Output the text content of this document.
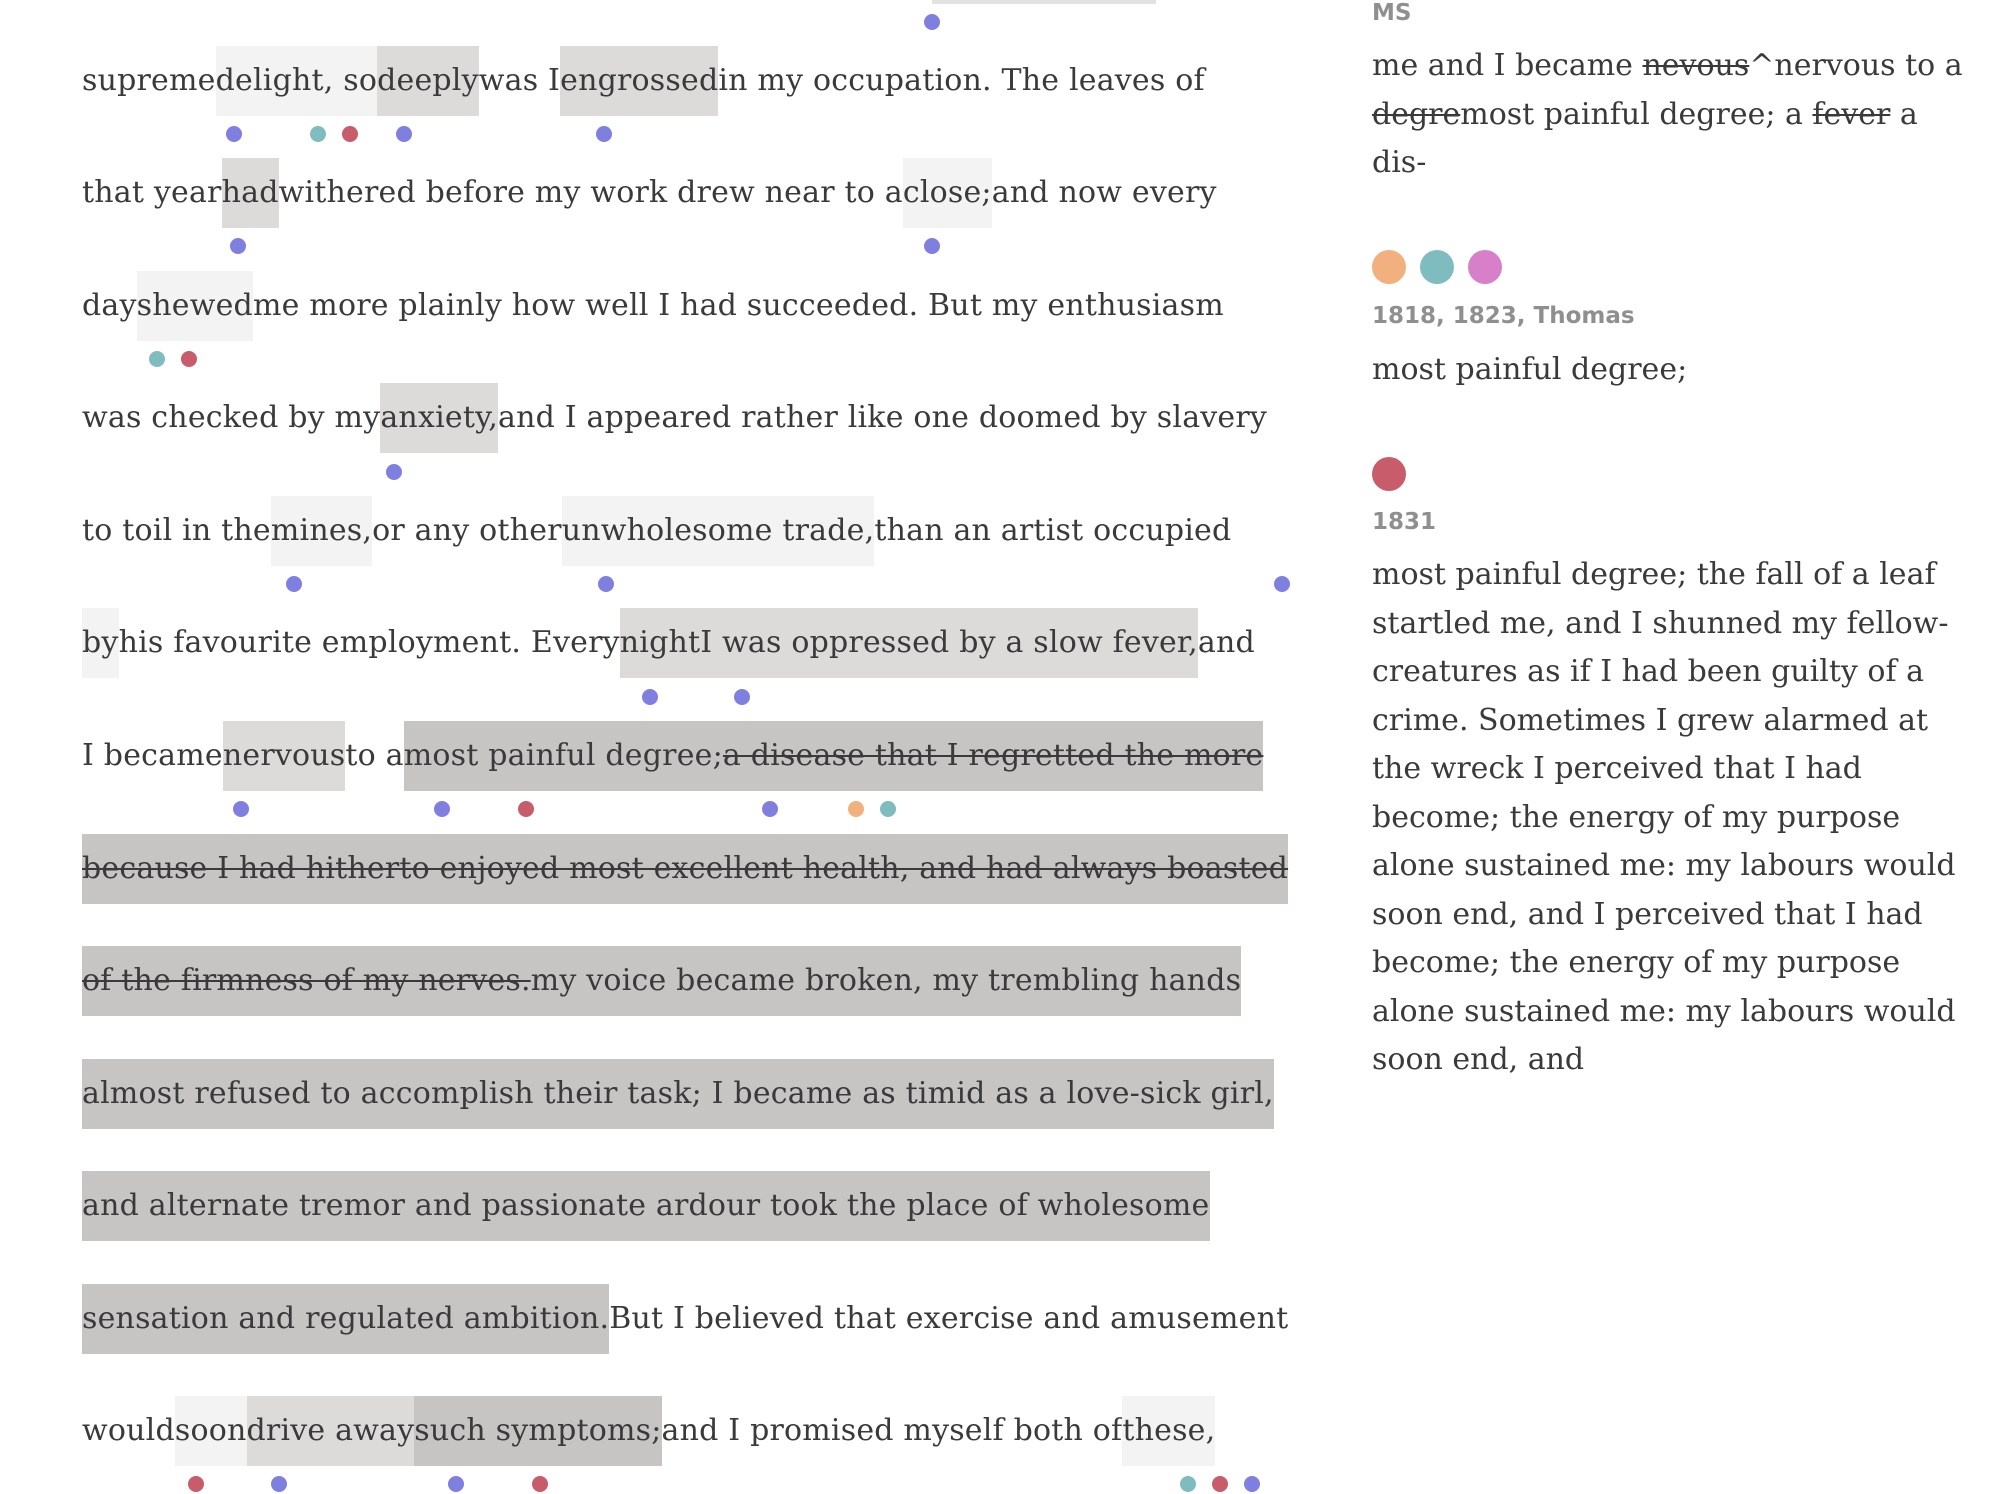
supremedelight, sodeeplywas Iengrossedin my occupation. The leaves of
that yearhadwithered before my work drew near to aclose;and now every
dayshewedme more plainly how well I had succeeded. But my enthusiasm
was checked by myanxiety,and I appeared rather like one doomed by slavery
to toil in themines,or any otherunwholesome trade,than an artist occupied
byhis favourite employment. EverynightI was oppressed by a slow fever,and
I becamenervousto amost painful degree;a disease that I regretted the more
because I had hitherto enjoyed most excellent health, and had always boasted
of the firmness of my nerves.my voice became broken, my trembling hands
almost refused to accomplish their task; I became as timid as a love-sick girl,
and alternate tremor and passionate ardour took the place of wholesome
sensation and regulated ambition.But I believed that exercise and amusement
wouldsoondrive awaysuch symptoms;and I promised myself both ofthese,
MS
me and I became nevous^nervous to a
degremost painful degree; a fever a
dis-
1818, 1823, Thomas
most painful degree;
1831
most painful degree; the fall of a leaf startled me, and I shunned my fellow-creatures as if I had been guilty of a crime. Sometimes I grew alarmed at the wreck I perceived that I had become; the energy of my purpose alone sustained me: my labours would soon end, and I perceived that I had become; the energy of my purpose alone sustained me: my labours would soon end, and
